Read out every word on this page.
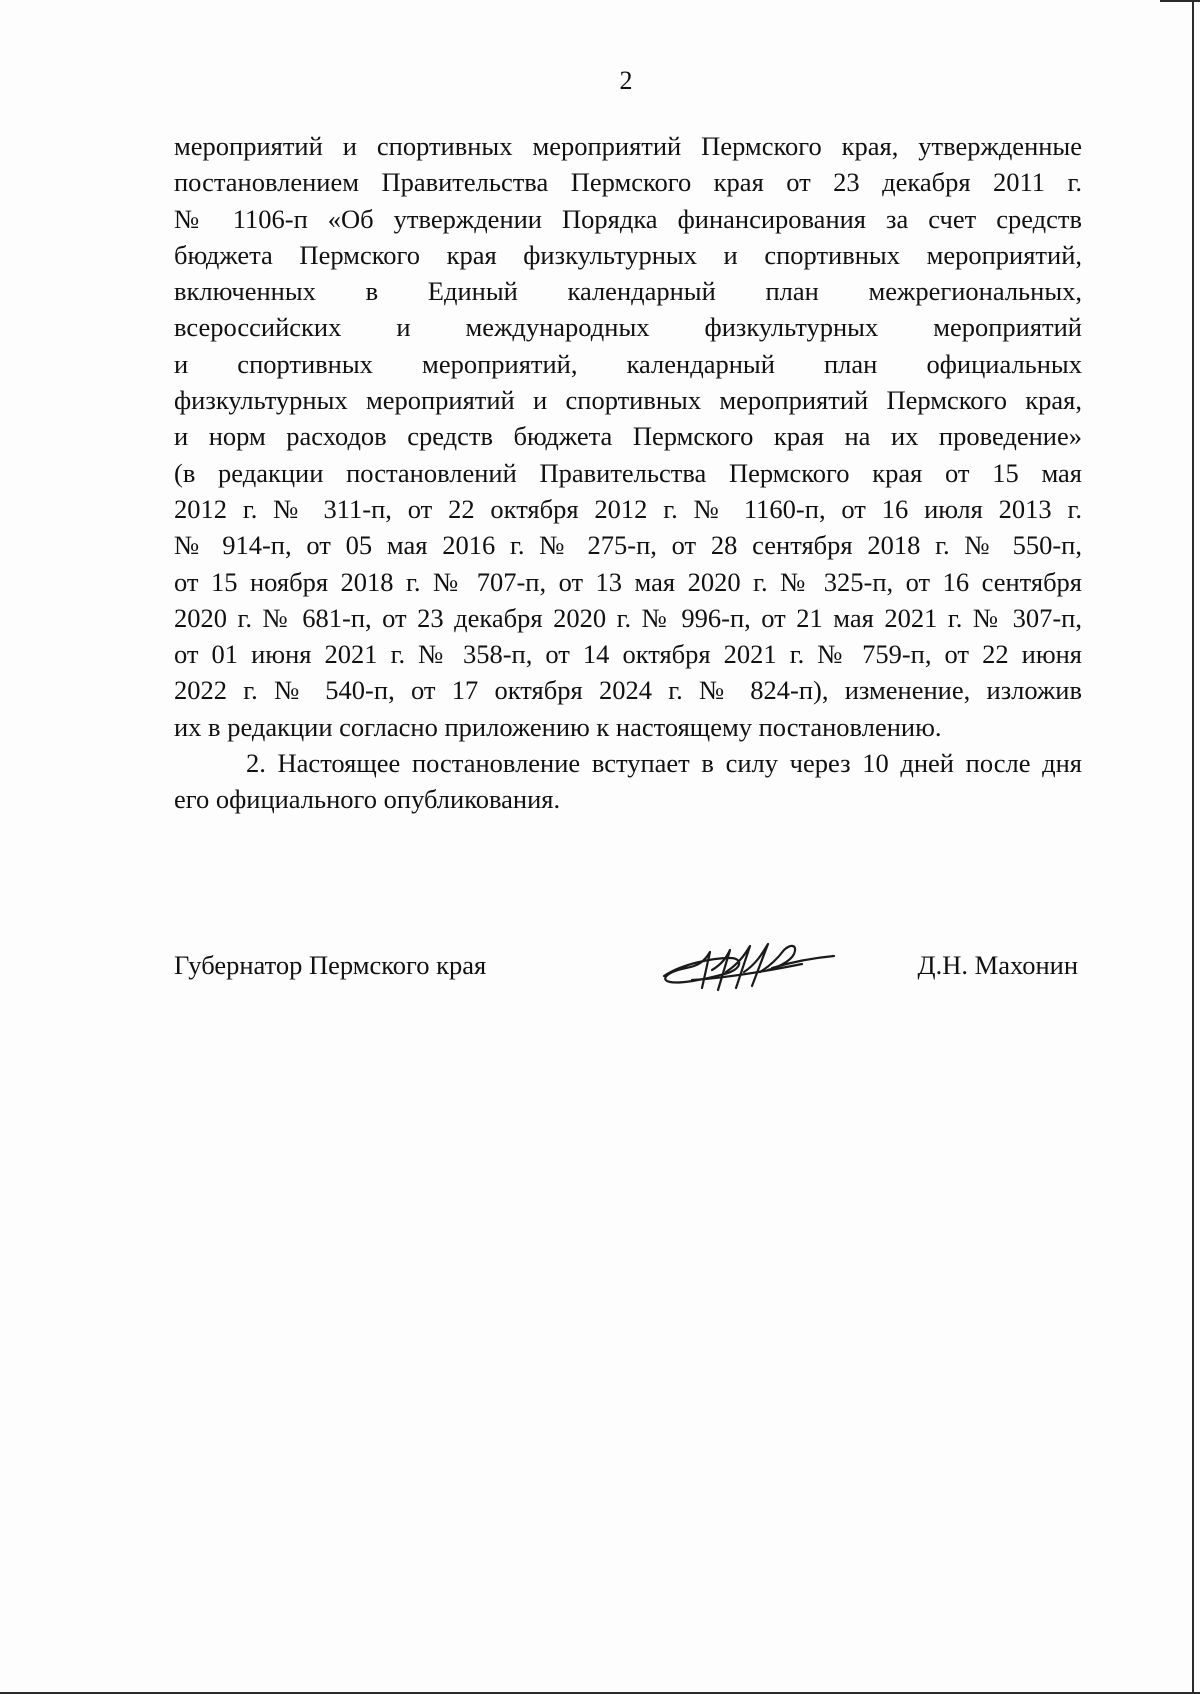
2
мероприятий и спортивных мероприятий Пермского края, утвержденные
постановлением Правительства Пермского края от 23 декабря 2011 г.
№ 1106-п «Об утверждении Порядка финансирования за счет средств
бюджета Пермского края физкультурных и спортивных мероприятий,
включенных в Единый календарный план межрегиональных,
всероссийских и международных физкультурных мероприятий
и спортивных мероприятий, календарный план официальных
физкультурных мероприятий и спортивных мероприятий Пермского края,
и норм расходов средств бюджета Пермского края на их проведение»
(в редакции постановлений Правительства Пермского края от 15 мая
2012 г. № 311-п, от 22 октября 2012 г. № 1160-п, от 16 июля 2013 г.
№ 914-п, от 05 мая 2016 г. № 275-п, от 28 сентября 2018 г. № 550-п,
от 15 ноября 2018 г. № 707-п, от 13 мая 2020 г. № 325-п, от 16 сентября
2020 г. № 681-п, от 23 декабря 2020 г. № 996-п, от 21 мая 2021 г. № 307-п,
от 01 июня 2021 г. № 358-п, от 14 октября 2021 г. № 759-п, от 22 июня
2022 г. № 540-п, от 17 октября 2024 г. № 824-п), изменение, изложив
их в редакции согласно приложению к настоящему постановлению.
2. Настоящее постановление вступает в силу через 10 дней после дня
его официального опубликования.
Губернатор Пермского края	Д.Н. Махонин
